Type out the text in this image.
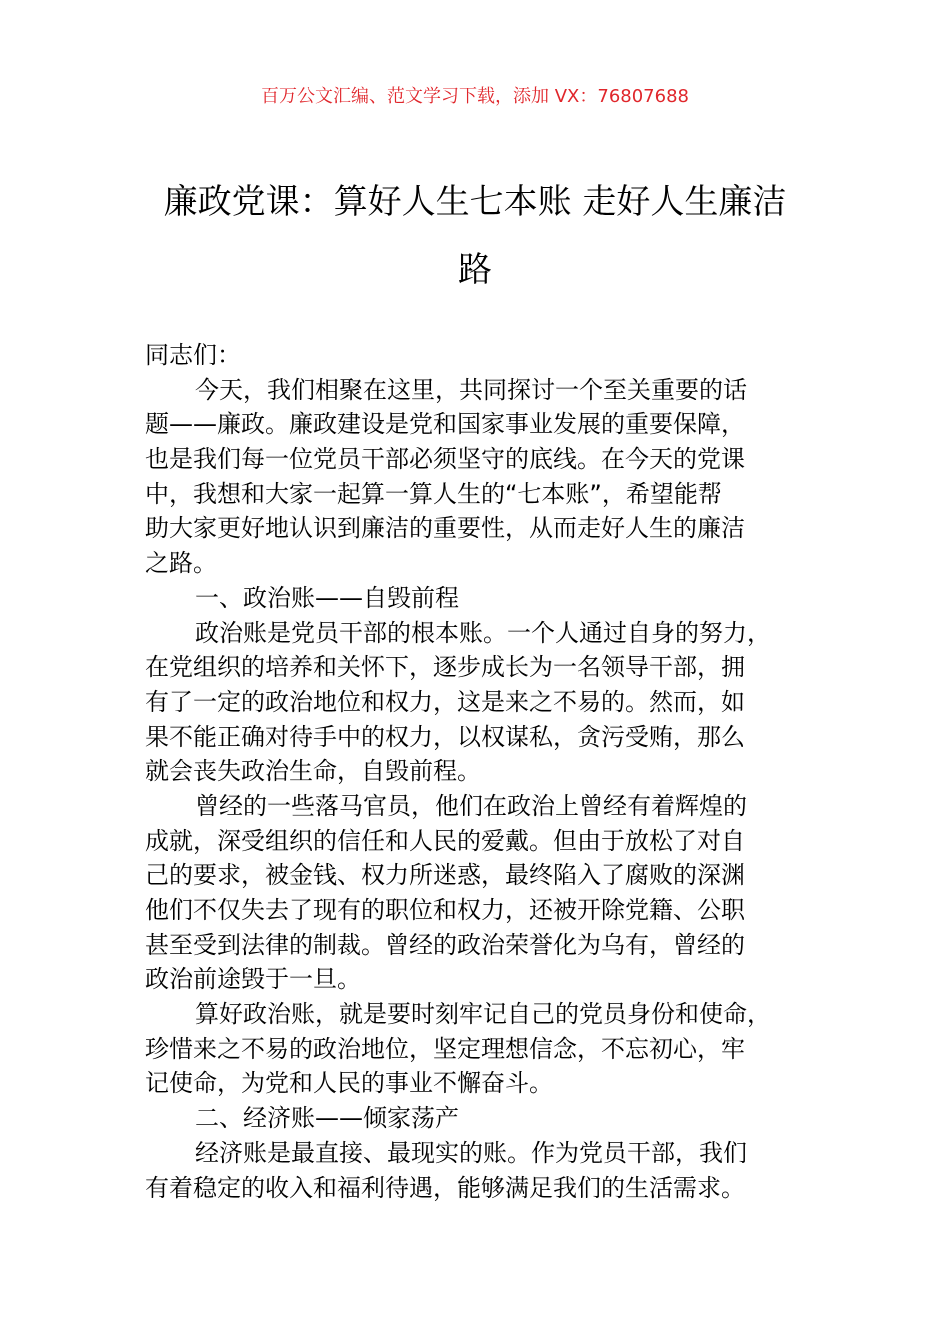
百万公文汇编、范文学习下载，添加 VX：76807688
廉政党课：算好人生七本账 走好人生廉洁
路
同志们：
今天，我们相聚在这里，共同探讨一个至关重要的话
题——廉政。廉政建设是党和国家事业发展的重要保障，
也是我们每一位党员干部必须坚守的底线。在今天的党课
中，我想和大家一起算一算人生的“七本账”，希望能帮
助大家更好地认识到廉洁的重要性，从而走好人生的廉洁
之路。
一、政治账——自毁前程
政治账是党员干部的根本账。一个人通过自身的努力，
在党组织的培养和关怀下，逐步成长为一名领导干部，拥
有了一定的政治地位和权力，这是来之不易的。然而，如
果不能正确对待手中的权力，以权谋私，贪污受贿，那么
就会丧失政治生命，自毁前程。
曾经的一些落马官员，他们在政治上曾经有着辉煌的
成就，深受组织的信任和人民的爱戴。但由于放松了对自
己的要求，被金钱、权力所迷惑，最终陷入了腐败的深渊
他们不仅失去了现有的职位和权力，还被开除党籍、公职
甚至受到法律的制裁。曾经的政治荣誉化为乌有，曾经的
政治前途毁于一旦。
算好政治账，就是要时刻牢记自己的党员身份和使命，
珍惜来之不易的政治地位，坚定理想信念，不忘初心，牢
记使命，为党和人民的事业不懈奋斗。
二、经济账——倾家荡产
经济账是最直接、最现实的账。作为党员干部，我们
有着稳定的收入和福利待遇，能够满足我们的生活需求。
